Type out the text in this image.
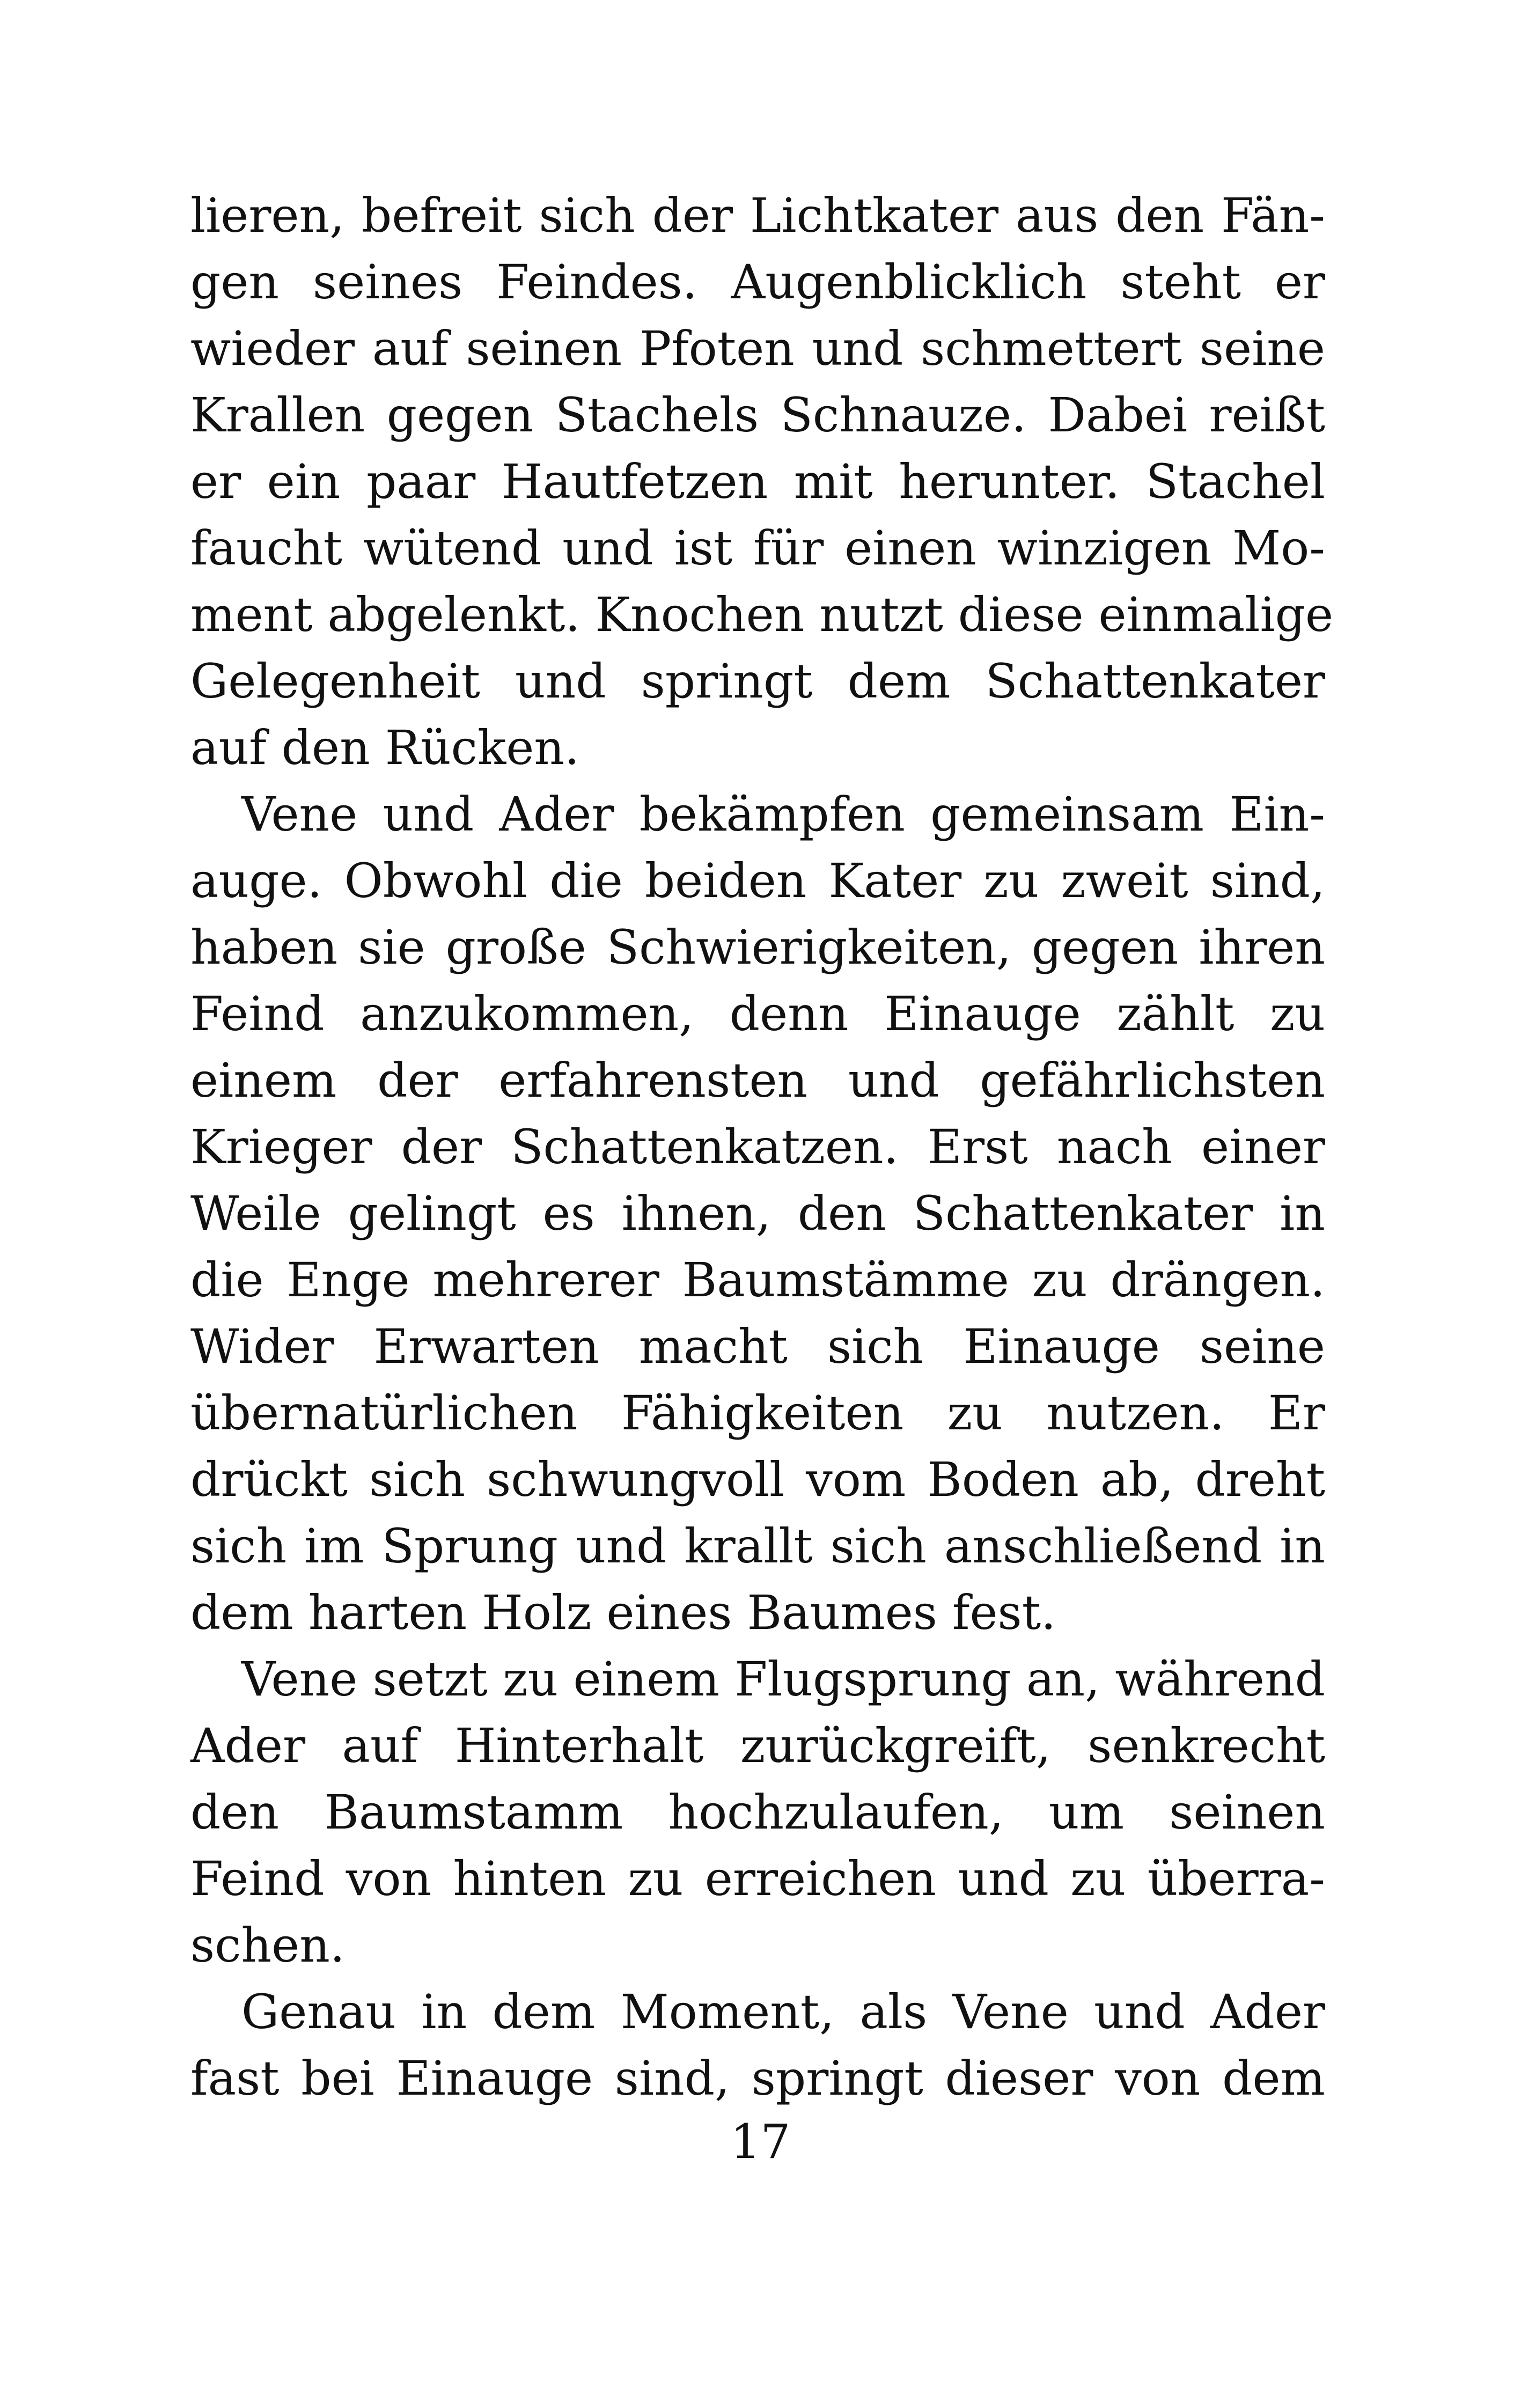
lieren, befreit sich der Lichtkater aus den Fän-
gen seines Feindes. Augenblicklich steht er
wieder auf seinen Pfoten und schmettert seine
Krallen gegen Stachels Schnauze. Dabei reißt
er ein paar Hautfetzen mit herunter. Stachel
faucht wütend und ist für einen winzigen Mo-
ment abgelenkt. Knochen nutzt diese einmalige
Gelegenheit und springt dem Schattenkater
auf den Rücken.
Vene und Ader bekämpfen gemeinsam Ein-
auge. Obwohl die beiden Kater zu zweit sind,
haben sie große Schwierigkeiten, gegen ihren
Feind anzukommen, denn Einauge zählt zu
einem der erfahrensten und gefährlichsten
Krieger der Schattenkatzen. Erst nach einer
Weile gelingt es ihnen, den Schattenkater in
die Enge mehrerer Baumstämme zu drängen.
Wider Erwarten macht sich Einauge seine
übernatürlichen Fähigkeiten zu nutzen. Er
drückt sich schwungvoll vom Boden ab, dreht
sich im Sprung und krallt sich anschließend in
dem harten Holz eines Baumes fest.
Vene setzt zu einem Flugsprung an, während
Ader auf Hinterhalt zurückgreift, senkrecht
den Baumstamm hochzulaufen, um seinen
Feind von hinten zu erreichen und zu überra-
schen.
Genau in dem Moment, als Vene und Ader
fast bei Einauge sind, springt dieser von dem
17
